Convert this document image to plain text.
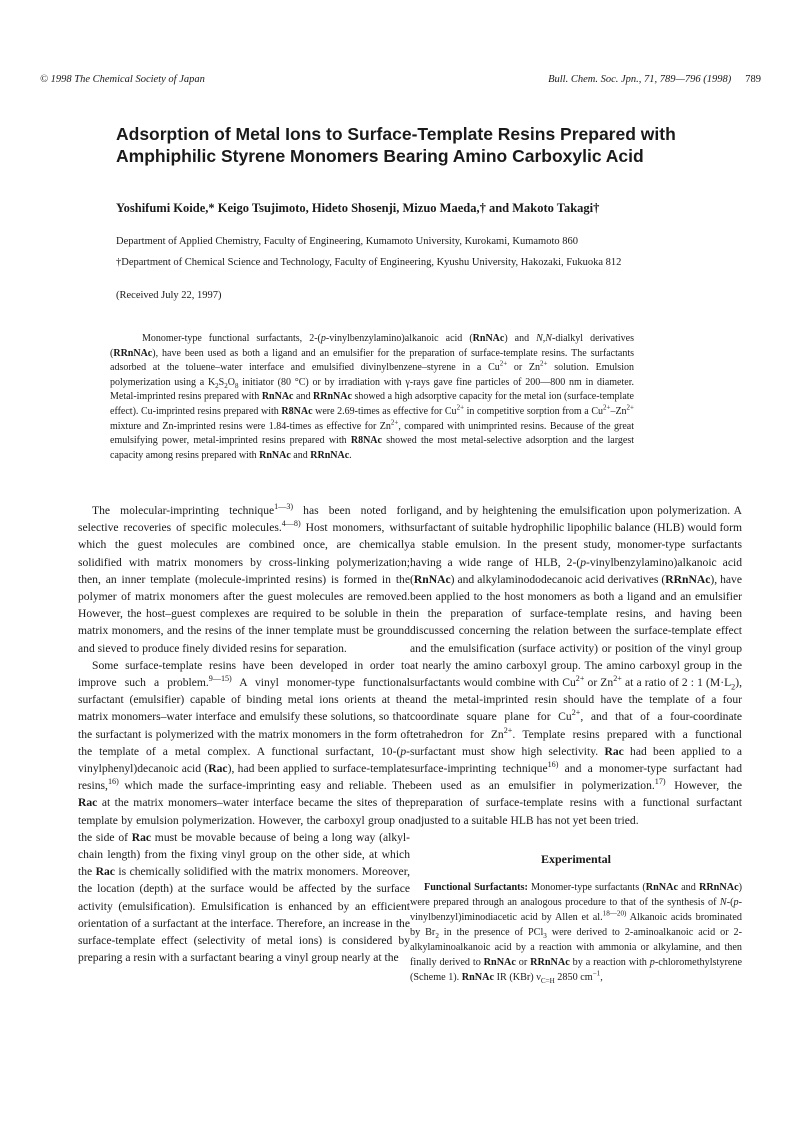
© 1998 The Chemical Society of Japan	Bull. Chem. Soc. Jpn., 71, 789—796 (1998) 789
Adsorption of Metal Ions to Surface-Template Resins Prepared with
Amphiphilic Styrene Monomers Bearing Amino Carboxylic Acid
Yoshifumi Koide,* Keigo Tsujimoto, Hideto Shosenji, Mizuo Maeda,† and Makoto Takagi†
Department of Applied Chemistry, Faculty of Engineering, Kumamoto University, Kurokami, Kumamoto 860
†Department of Chemical Science and Technology, Faculty of Engineering, Kyushu University, Hakozaki, Fukuoka 812
(Received July 22, 1997)
Monomer-type functional surfactants, 2-(p-vinylbenzylamino)alkanoic acid (RnNAc) and N,N-dialkyl derivatives (RRnNAc), have been used as both a ligand and an emulsifier for the preparation of surface-template resins. The surfactants adsorbed at the toluene–water interface and emulsified divinylbenzene–styrene in a $Cu^{2+}$ or $Zn^{2+}$ solution. Emulsion polymerization using a $K_2S_2O_8$ initiator (80 °C) or by irradiation with γ-rays gave fine particles of 200—800 nm in diameter. Metal-imprinted resins prepared with RnNAc and RRnNAc showed a high adsorptive capacity for the metal ion (surface-template effect). Cu-imprinted resins prepared with R8NAc were 2.69-times as effective for $Cu^{2+}$ in competitive sorption from a $Cu^{2+}-Zn^{2+}$ mixture and Zn-imprinted resins were 1.84-times as effective for $Zn^{2+}$, compared with unimprinted resins. Because of the great emulsifying power, metal-imprinted resins prepared with R8NAc showed the most metal-selective adsorption and the largest capacity among resins prepared with RnNAc and RRnNAc.

The molecular-imprinting technique$^{1—3)}$ has been noted for selective recoveries of specific molecules.$^{4—8)}$ Host monomers, with which the guest molecules are combined once, are chemically solidified with matrix monomers by cross-linking polymerization; then, an inner template (molecule-imprinted resins) is formed in the polymer of matrix monomers after the guest molecules are removed. However, the host–guest complexes are required to be soluble in the matrix monomers, and the resins of the inner template must be ground and sieved to produce finely divided resins for separation.

Some surface-template resins have been developed in order to improve such a problem.$^{9—15)}$ A vinyl monomer-type functional surfactant (emulsifier) capable of binding metal ions orients at the matrix monomers–water interface and emulsify these solutions, so that the surfactant is polymerized with the matrix monomers in the form of the template of a metal complex. A functional surfactant, 10-(p-vinylphenyl)decanoic acid (Rac), had been applied to surface-template resins,$^{16)}$ which made the surface-imprinting easy and reliable. The Rac at the matrix monomers–water interface became the sites of the template by emulsion polymerization. However, the carboxyl group on the side of Rac must be movable because of being a long way (alkyl-chain length) from the fixing vinyl group on the other side, at which the Rac is chemically solidified with the matrix monomers. Moreover, the location (depth) at the surface would be affected by the surface activity (emulsification). Emulsification is enhanced by an efficient orientation of a surfactant at the interface. Therefore, an increase in the surface-template effect (selectivity of metal ions) is considered by preparing a resin with a surfactant bearing a vinyl group nearly at the

ligand, and by heightening the emulsification upon polymerization. A surfactant of suitable hydrophilic lipophilic balance (HLB) would form a stable emulsion. In the present study, monomer-type surfactants having a wide range of HLB, 2-(p-vinylbenzylamino)alkanoic acid (RnNAc) and alkylaminododecanoic acid derivatives (RRnNAc), have been applied to the host monomers as both a ligand and an emulsifier in the preparation of surface-template resins, and having been discussed concerning the relation between the surface-template effect and the emulsification (surface activity) or position of the vinyl group at nearly the amino carboxyl group. The amino carboxyl group in the surfactants would combine with $Cu^{2+}$ or $Zn^{2+}$ at a ratio of 2 : 1 $(M\cdot L_2)$, and the metal-imprinted resin should have the template of a four coordinate square plane for $Cu^{2+}$, and that of a four-coordinate tetrahedron for $Zn^{2+}$. Template resins prepared with a functional surfactant must show high selectivity. Rac had been applied to a surface-imprinting technique$^{16)}$ and a monomer-type surfactant had been used as an emulsifier in polymerization.$^{17)}$ However, the preparation of surface-template resins with a functional surfactant adjusted to a suitable HLB has not yet been tried.

Experimental

Functional Surfactants: Monomer-type surfactants (RnNAc and RRnNAc) were prepared through an analogous procedure to that of the synthesis of N-(p-vinylbenzyl)iminodiacetic acid by Allen et al.$^{18—20)}$ Alkanoic acids brominated by $Br_2$ in the presence of PCl$_3$ were derived to 2-aminoalkanoic acid or 2-alkylaminoalkanoic acid by a reaction with ammonia or alkylamine, and then finally derived to RnNAc or RRnNAc by a reaction with p-chloromethylstyrene (Scheme 1). RnNAc IR (KBr) $\nu_{C=H}$ 2850 $cm^{-1}$,
